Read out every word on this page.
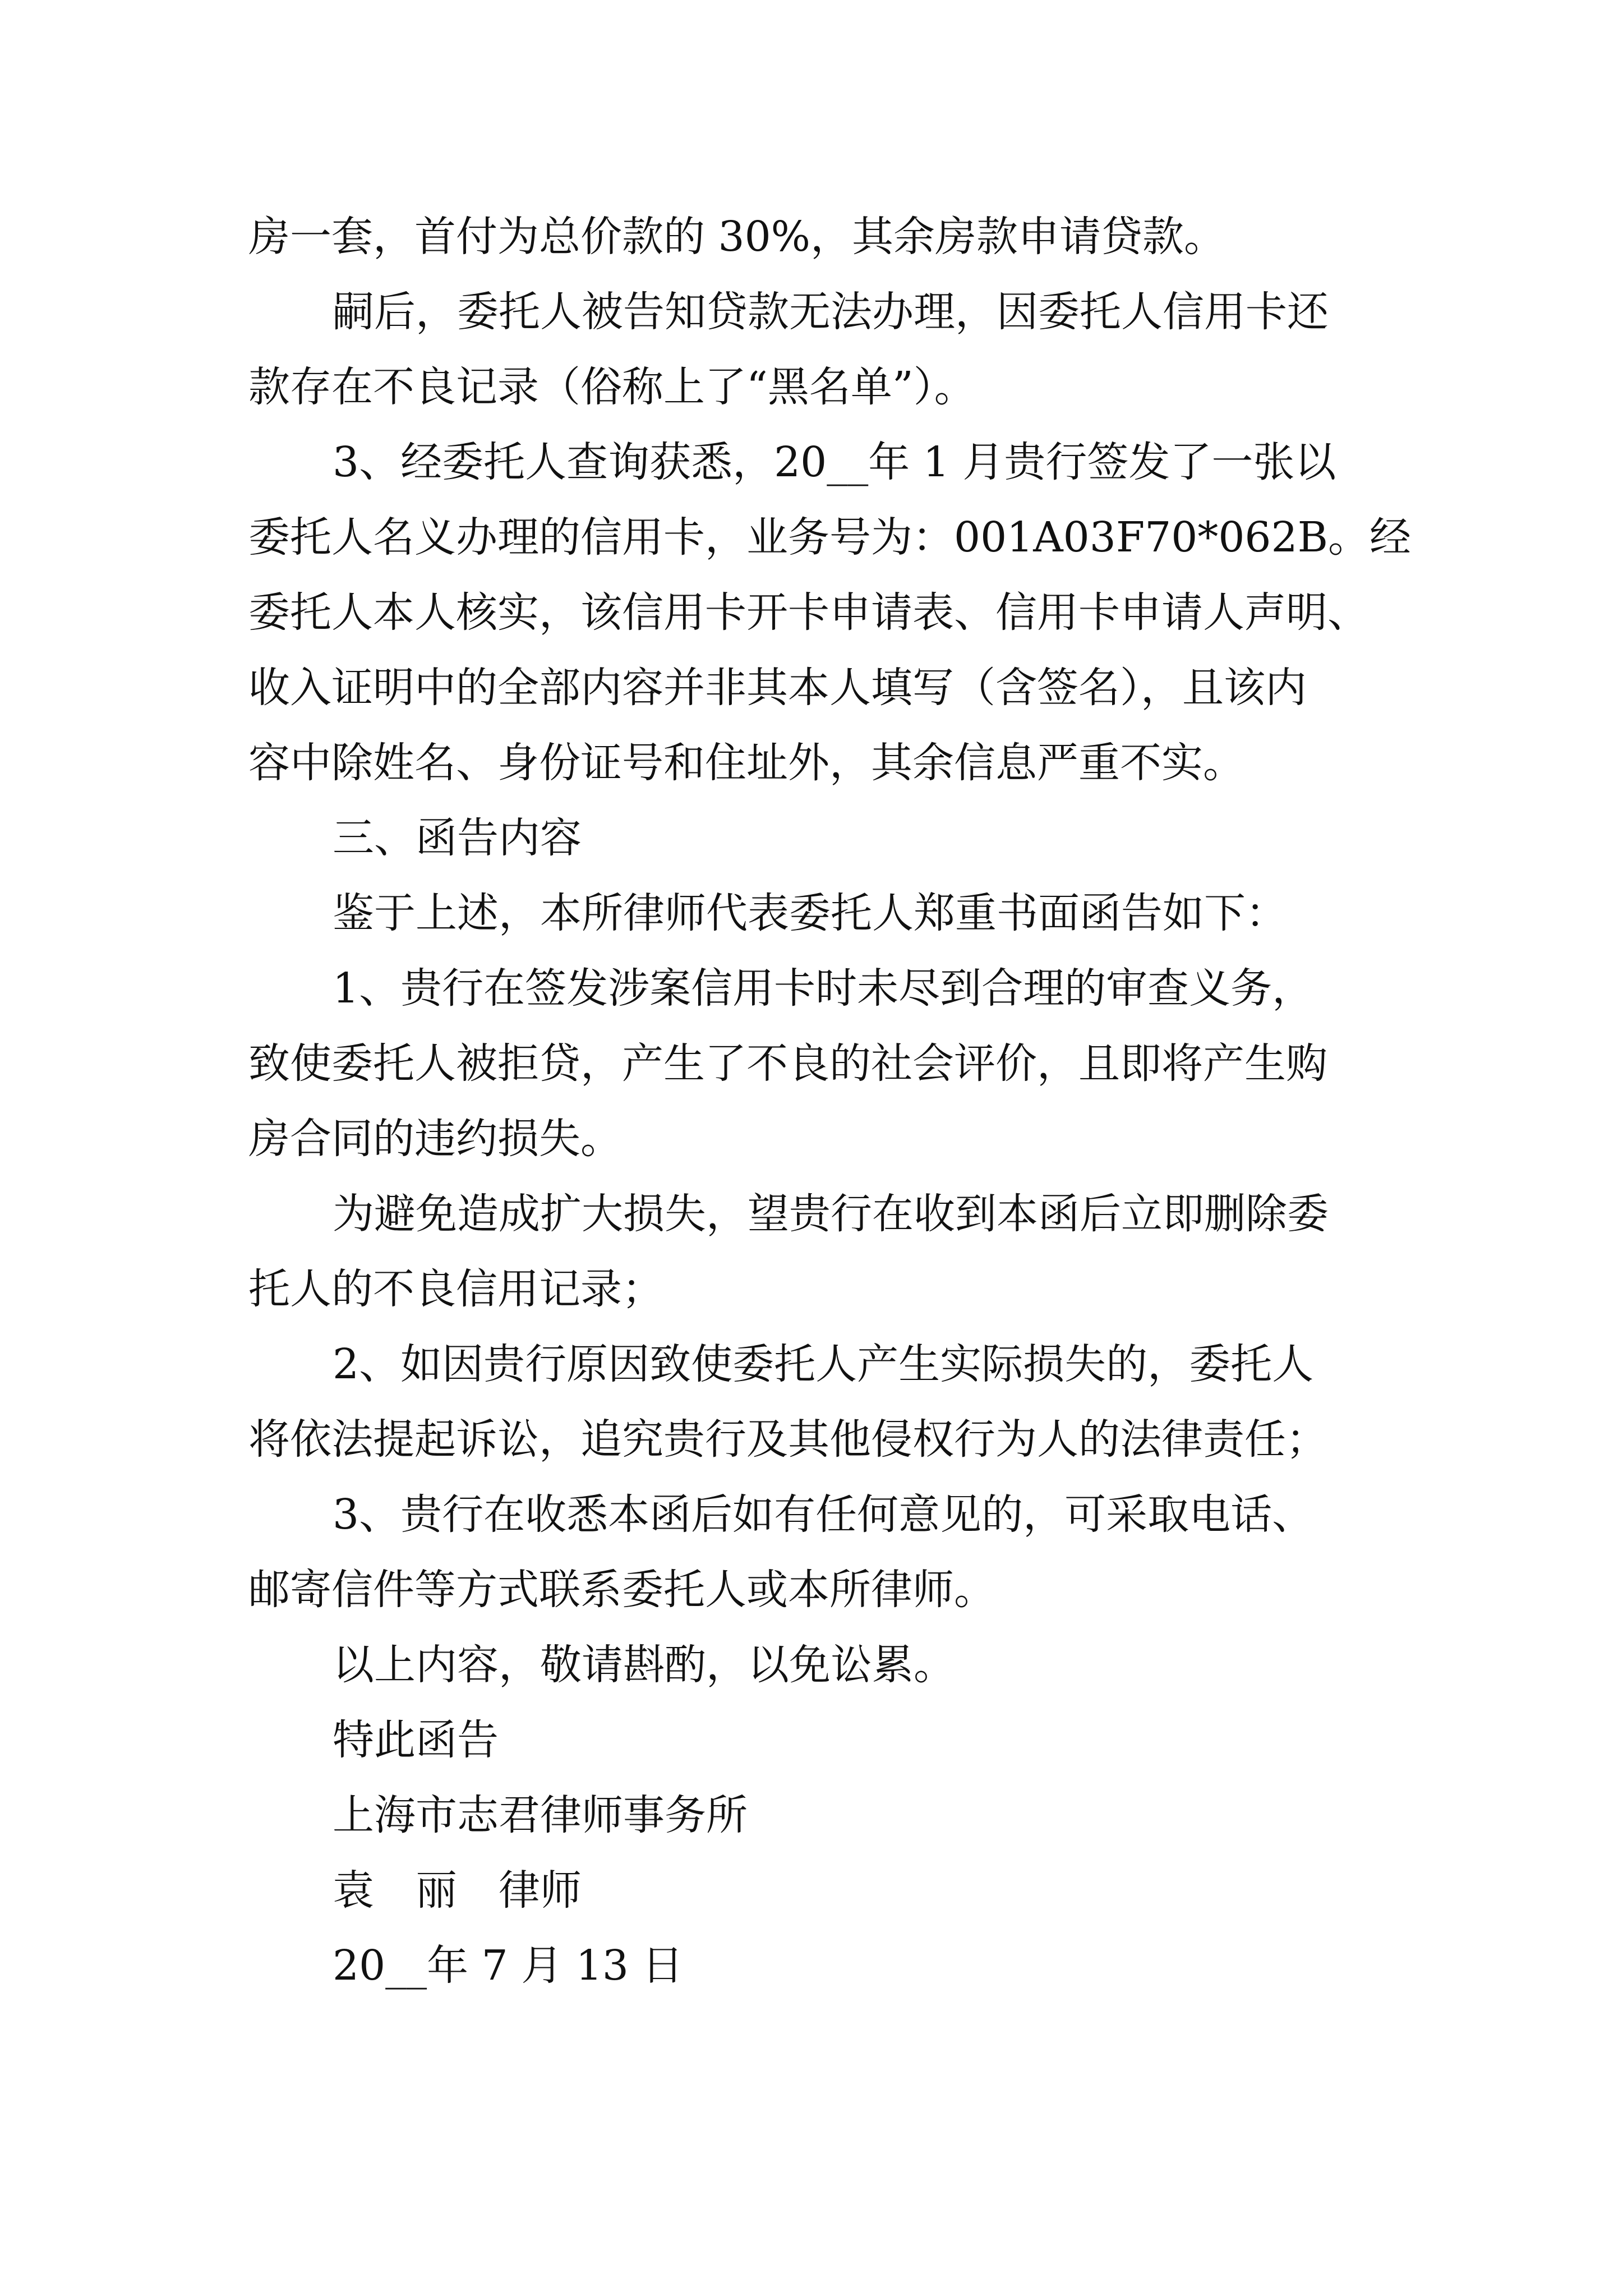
房一套，首付为总价款的 30%，其余房款申请贷款。
嗣后，委托人被告知贷款无法办理，因委托人信用卡还
款存在不良记录（俗称上了“黑名单”）。
3、经委托人查询获悉，20__年 1 月贵行签发了一张以
委托人名义办理的信用卡，业务号为：001A03F70*062B。经
委托人本人核实，该信用卡开卡申请表、信用卡申请人声明、
收入证明中的全部内容并非其本人填写（含签名），且该内
容中除姓名、身份证号和住址外，其余信息严重不实。
三、函告内容
鉴于上述，本所律师代表委托人郑重书面函告如下：
1、贵行在签发涉案信用卡时未尽到合理的审查义务，
致使委托人被拒贷，产生了不良的社会评价，且即将产生购
房合同的违约损失。
为避免造成扩大损失，望贵行在收到本函后立即删除委
托人的不良信用记录；
2、如因贵行原因致使委托人产生实际损失的，委托人
将依法提起诉讼，追究贵行及其他侵权行为人的法律责任；
3、贵行在收悉本函后如有任何意见的，可采取电话、
邮寄信件等方式联系委托人或本所律师。
以上内容，敬请斟酌，以免讼累。
特此函告
上海市志君律师事务所
袁　丽　律师
20__年 7 月 13 日
